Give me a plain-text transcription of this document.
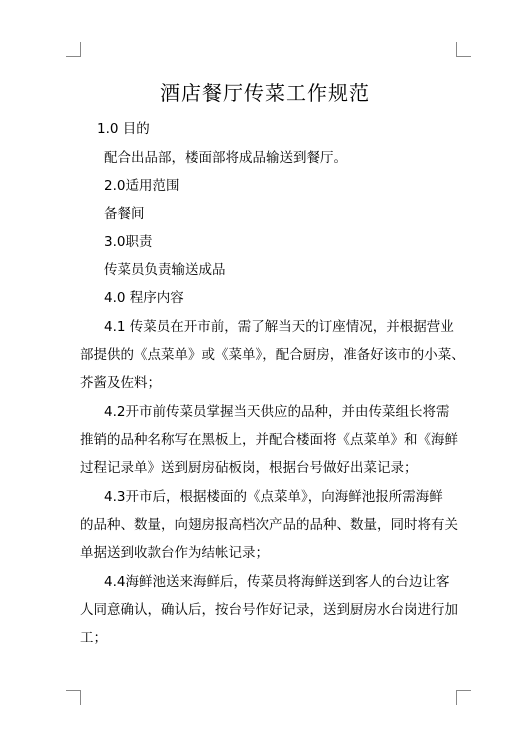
酒店餐厅传菜工作规范
1.0 目的
配合出品部，楼面部将成品输送到餐厅。
2.0适用范围
备餐间
3.0职责
传菜员负责输送成品
4.0 程序内容
4.1 传菜员在开市前，需了解当天的订座情况，并根据营业
部提供的《点菜单》或《菜单》，配合厨房，准备好该市的小菜、
芥酱及佐料；
4.2开市前传菜员掌握当天供应的品种，并由传菜组长将需
推销的品种名称写在黑板上，并配合楼面将《点菜单》和《海鲜
过程记录单》送到厨房砧板岗，根据台号做好出菜记录；
4.3开市后，根据楼面的《点菜单》，向海鲜池报所需海鲜
的品种、数量，向翅房报高档次产品的品种、数量，同时将有关
单据送到收款台作为结帐记录；
4.4海鲜池送来海鲜后，传菜员将海鲜送到客人的台边让客
人同意确认，确认后，按台号作好记录，送到厨房水台岗进行加
工；
